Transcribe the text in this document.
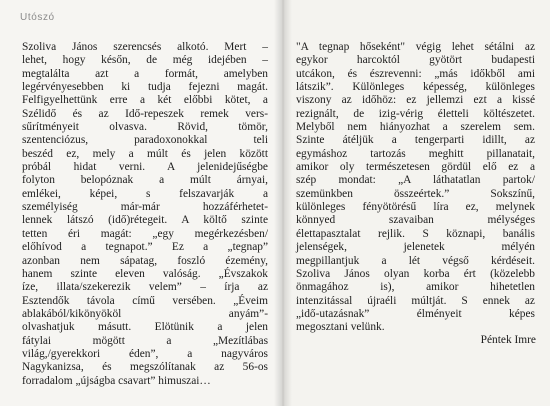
Utószó
Szoliva János szerencsés alkotó. Mert –
lehet, hogy későn, de még idejében –
megtalálta azt a formát, amelyben
legérvényesebben ki tudja fejezni magát.
Felfigyelhettünk erre a két előbbi kötet, a
Szélidő és az Idő-repeszek remek vers-
sűrítményeit olvasva. Rövid, tömör,
szentenciózus, paradoxonokkal teli
beszéd ez, mely a múlt és jelen között
próbál hidat verni. A jelenidejűségbe
folyton belopóznak a múlt árnyai,
emlékei, képei, s felszavarják a
személyiség már-már hozzáférhetet-
lennek látszó (idő)rétegeit. A költő szinte
tetten éri magát: „egy megérkezésben/
előhívod a tegnapot.” Ez a „tegnap”
azonban nem sápatag, foszló ézemény,
hanem szinte eleven valóság. „Évszakok
íze, illata/szekerezik velem” – írja az
Esztendők távola című versében. „Éveim
ablakából/kikönyököl anyám”-
olvashatjuk másutt. Elötünik a jelen
fátylai mögött a „Mezítlábas
világ,/gyerekkori éden”, a nagyváros
Nagykanizsa, és megszólítanak az 56-os
forradalom „újságba csavart” himuszai…
"A tegnap hőseként" végig lehet sétálni az
egykor harcoktól gyötört budapesti
utcákon, és észrevenni: „más időkből ami
látszik”. Különleges képesség, különleges
viszony az időhöz: ez jellemzi ezt a kissé
rezignált, de izig-vérig életteli költészetet.
Melyből nem hiányozhat a szerelem sem.
Szinte átéljük a tengerparti idillt, az
egymáshoz tartozás meghitt pillanatait,
amikor oly természetesen gördül elő ez a
szép mondat: „A láthatatlan partok/
szemünkben összeértek.” Sokszínű,
különleges fényötörésű líra ez, melynek
könnyed szavaiban mélységes
élettapasztalat rejlik. S köznapi, banális
jelenségek, jelenetek mélyén
megpillantjuk a lét végső kérdéseit.
Szoliva János olyan korba ért (közelebb
önmagához is), amikor hihetetlen
intenzitással újraéli múltját. S ennek az
„idő-utazásnak” élményeit képes
megosztani velünk.
Péntek Imre
